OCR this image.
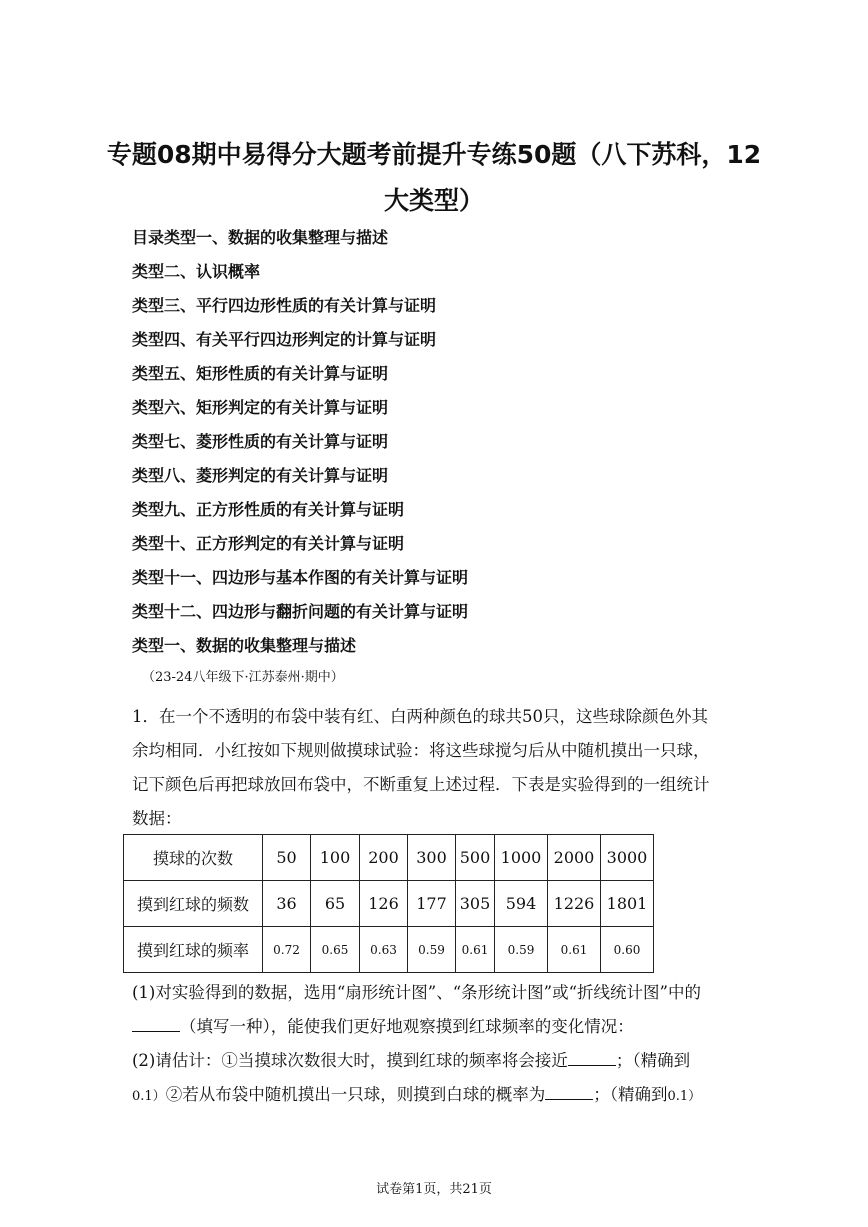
专题08期中易得分大题考前提升专练50题（八下苏科，12
大类型）
目录类型一、数据的收集整理与描述
类型二、认识概率
类型三、平行四边形性质的有关计算与证明
类型四、有关平行四边形判定的计算与证明
类型五、矩形性质的有关计算与证明
类型六、矩形判定的有关计算与证明
类型七、菱形性质的有关计算与证明
类型八、菱形判定的有关计算与证明
类型九、正方形性质的有关计算与证明
类型十、正方形判定的有关计算与证明
类型十一、四边形与基本作图的有关计算与证明
类型十二、四边形与翻折问题的有关计算与证明
类型一、数据的收集整理与描述
（23-24八年级下·江苏泰州·期中）

1．在一个不透明的布袋中装有红、白两种颜色的球共50只，这些球除颜色外其

余均相同．小红按如下规则做摸球试验：将这些球搅匀后从中随机摸出一只球，

记下颜色后再把球放回布袋中，不断重复上述过程．下表是实验得到的一组统计

数据：

摸球的次数	50	100	200	300	500	1000	2000	3000
摸到红球的频数	36	65	126	177	305	594	1226	1801
摸到红球的频率	0.72	0.65	0.63	0.59	0.61	0.59	0.61	0.60

(1)对实验得到的数据，选用“扇形统计图”、“条形统计图”或“折线统计图”中的

（填写一种），能使我们更好地观察摸到红球频率的变化情况：

(2)请估计：①当摸球次数很大时，摸到红球的频率将会接近	；（精确到

0.1）②若从布袋中随机摸出一只球，则摸到白球的概率为	；（精确到0.1）

试卷第1页，共21页
